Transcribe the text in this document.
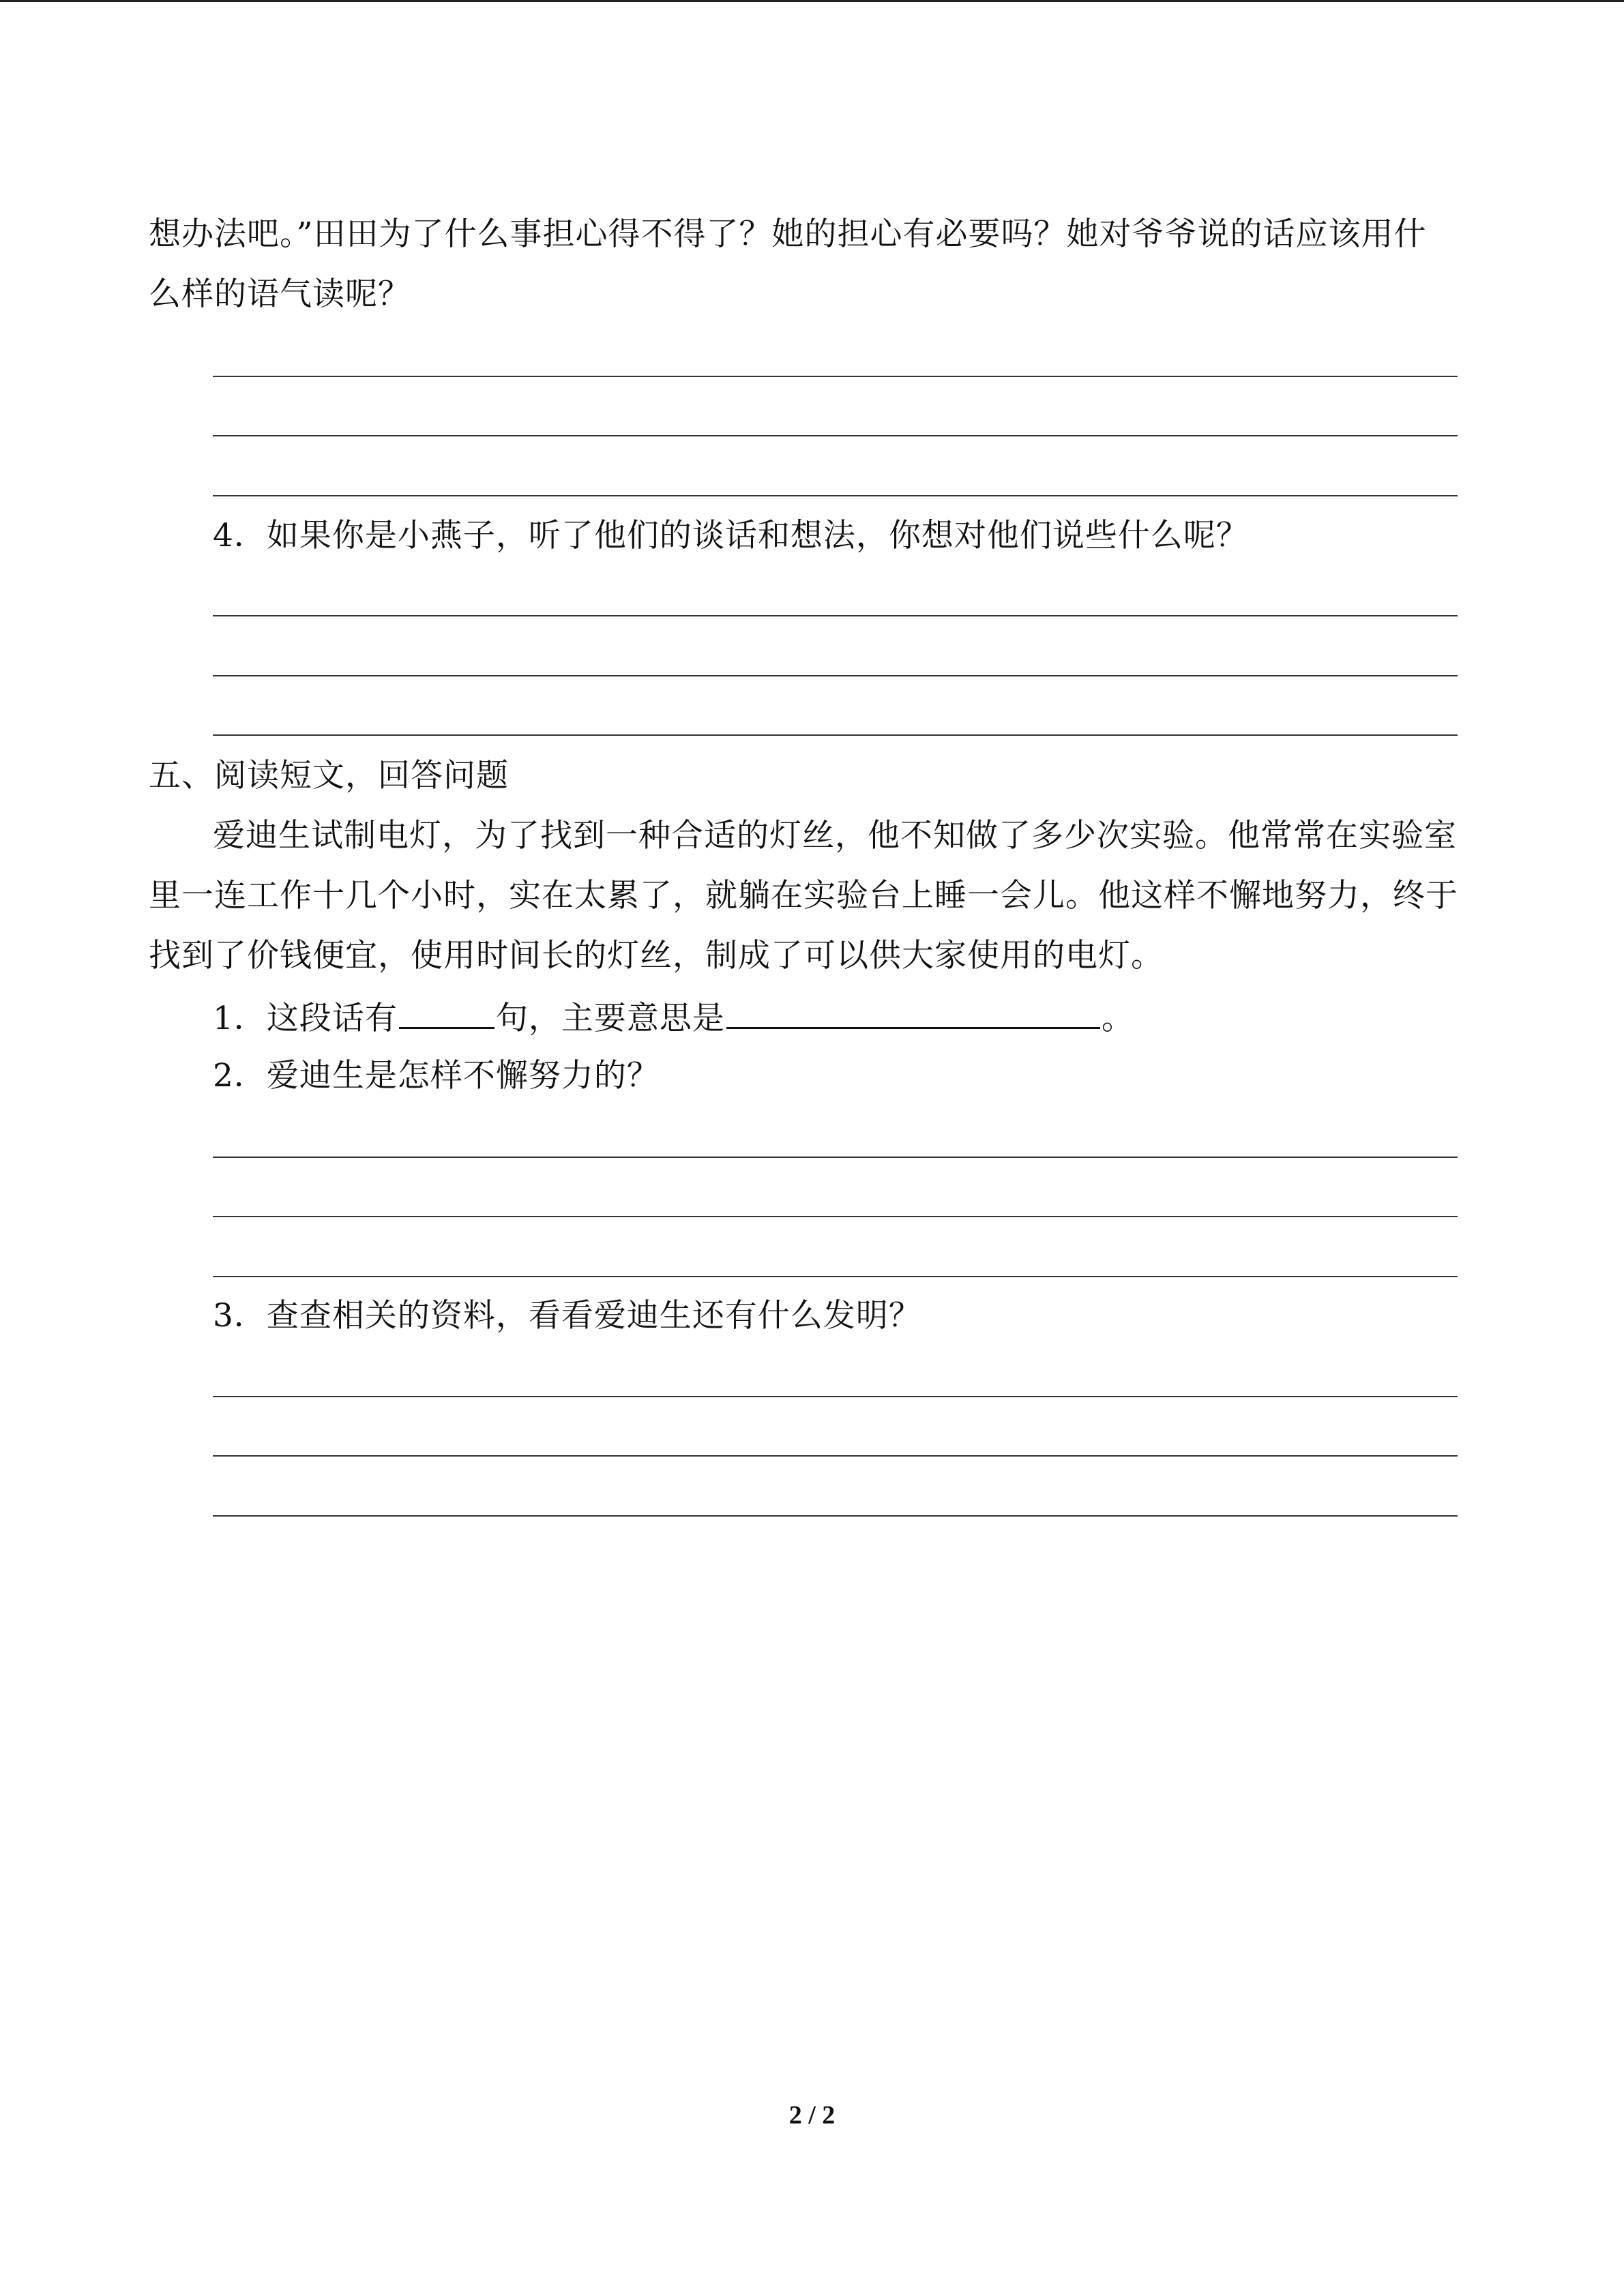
想办法吧。”田田为了什么事担心得不得了？她的担心有必要吗？她对爷爷说的话应该用什
么样的语气读呢？
4．如果你是小燕子，听了他们的谈话和想法，你想对他们说些什么呢？
五、阅读短文，回答问题
爱迪生试制电灯，为了找到一种合适的灯丝，他不知做了多少次实验。他常常在实验室
里一连工作十几个小时，实在太累了，就躺在实验台上睡一会儿。他这样不懈地努力，终于
找到了价钱便宜，使用时间长的灯丝，制成了可以供大家使用的电灯。
1．这段话有	句，主要意思是	。
2．爱迪生是怎样不懈努力的？
3．查查相关的资料，看看爱迪生还有什么发明？
2 / 2
